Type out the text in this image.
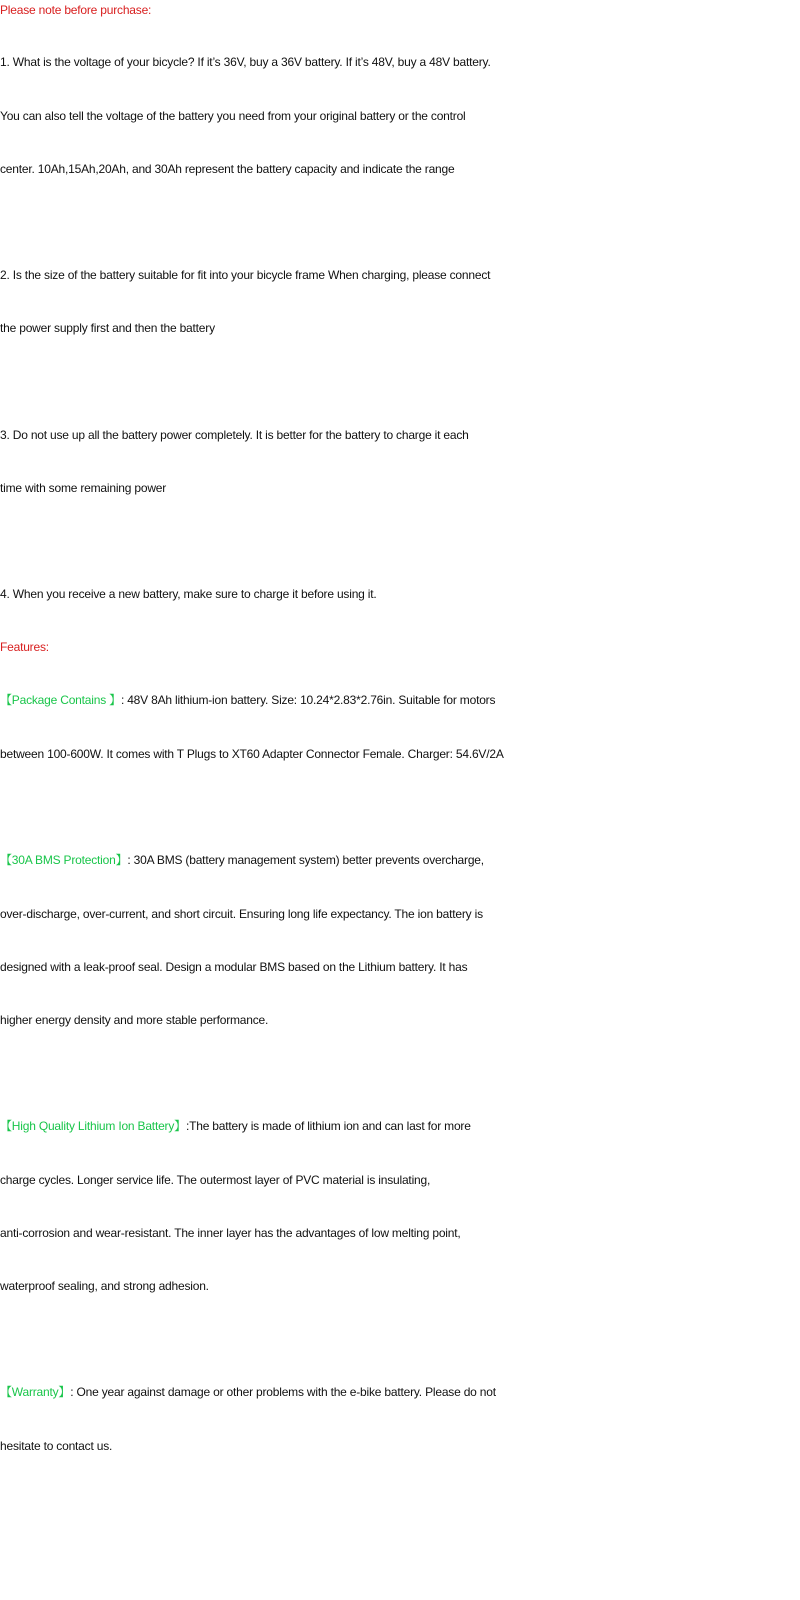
Please note before purchase:
1. What is the voltage of your bicycle? If it’s 36V, buy a 36V battery. If it’s 48V, buy a 48V battery.
You can also tell the voltage of the battery you need from your original battery or the control
center. 10Ah,15Ah,20Ah, and 30Ah represent the battery capacity and indicate the range
2. Is the size of the battery suitable for fit into your bicycle frame When charging, please connect
the power supply first and then the battery
3. Do not use up all the battery power completely. It is better for the battery to charge it each
time with some remaining power
4. When you receive a new battery, make sure to charge it before using it.
Features:
【Package Contains 】: 48V 8Ah lithium-ion battery. Size: 10.24*2.83*2.76in. Suitable for motors
between 100-600W. It comes with T Plugs to XT60 Adapter Connector Female. Charger: 54.6V/2A
【30A BMS Protection】: 30A BMS (battery management system) better prevents overcharge,
over-discharge, over-current, and short circuit. Ensuring long life expectancy. The ion battery is
designed with a leak-proof seal. Design a modular BMS based on the Lithium battery. It has
higher energy density and more stable performance.
【High Quality Lithium Ion Battery】:The battery is made of lithium ion and can last for more
charge cycles. Longer service life. The outermost layer of PVC material is insulating,
anti-corrosion and wear-resistant. The inner layer has the advantages of low melting point,
waterproof sealing, and strong adhesion.
【Warranty】: One year against damage or other problems with the e-bike battery. Please do not
hesitate to contact us.
